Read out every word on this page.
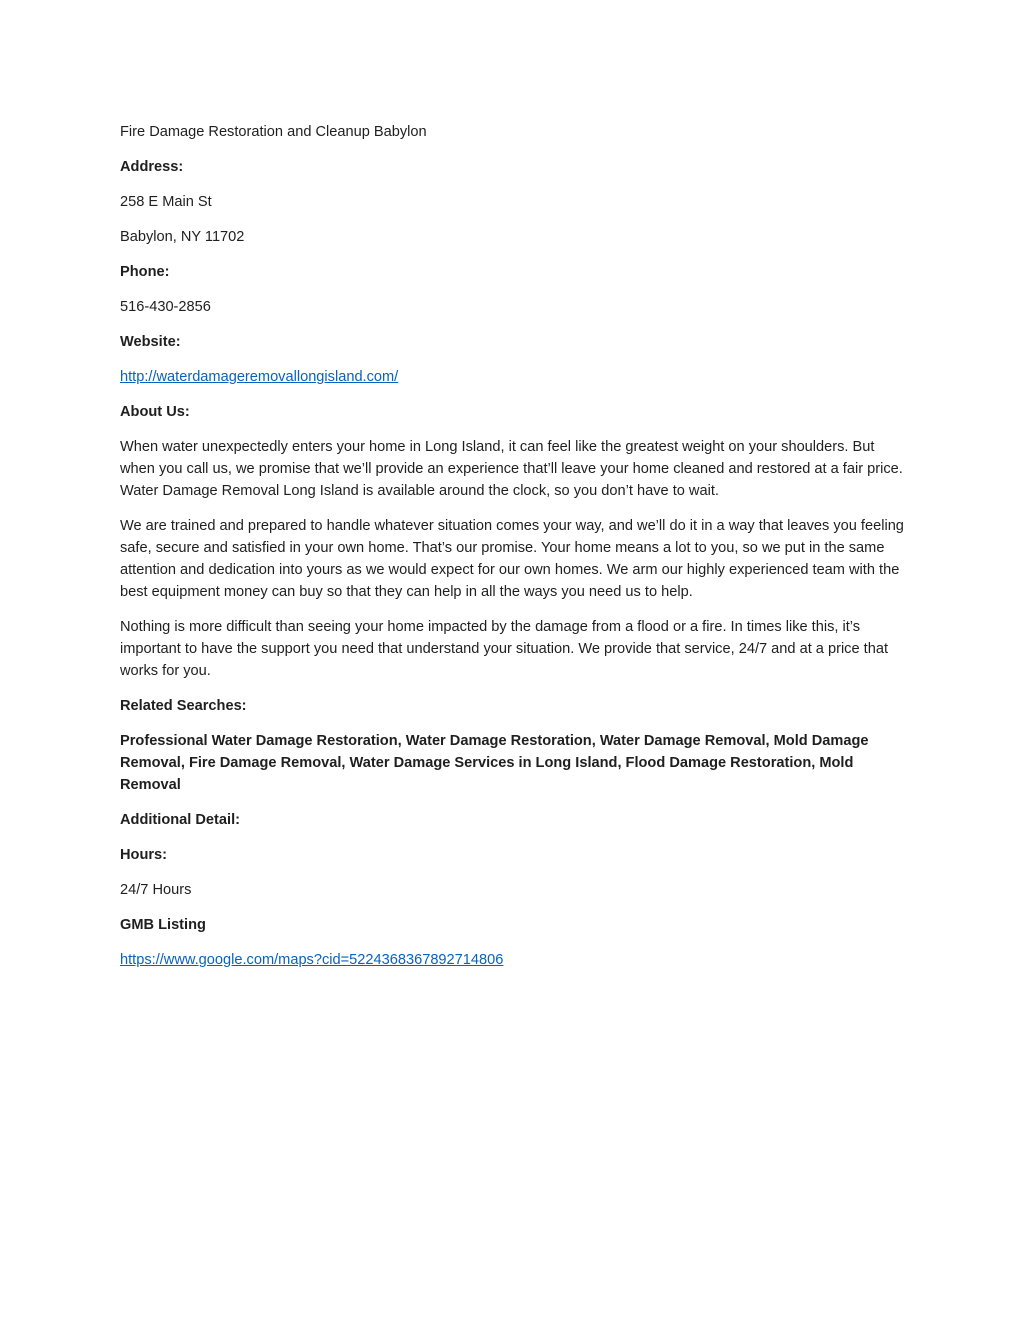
Fire Damage Restoration and Cleanup Babylon

Address:

258 E Main St

Babylon, NY 11702

Phone:

516-430-2856

Website:

http://waterdamageremovallongisland.com/

About Us:

When water unexpectedly enters your home in Long Island, it can feel like the greatest weight on your shoulders. But when you call us, we promise that we’ll provide an experience that’ll leave your home cleaned and restored at a fair price. Water Damage Removal Long Island is available around the clock, so you don’t have to wait.

We are trained and prepared to handle whatever situation comes your way, and we’ll do it in a way that leaves you feeling safe, secure and satisfied in your own home. That’s our promise. Your home means a lot to you, so we put in the same attention and dedication into yours as we would expect for our own homes. We arm our highly experienced team with the best equipment money can buy so that they can help in all the ways you need us to help.

Nothing is more difficult than seeing your home impacted by the damage from a flood or a fire. In times like this, it’s important to have the support you need that understand your situation. We provide that service, 24/7 and at a price that works for you.

Related Searches:

Professional Water Damage Restoration, Water Damage Restoration, Water Damage Removal, Mold Damage Removal, Fire Damage Removal, Water Damage Services in Long Island, Flood Damage Restoration, Mold Removal

Additional Detail:

Hours:

24/7 Hours

GMB Listing

https://www.google.com/maps?cid=5224368367892714806
